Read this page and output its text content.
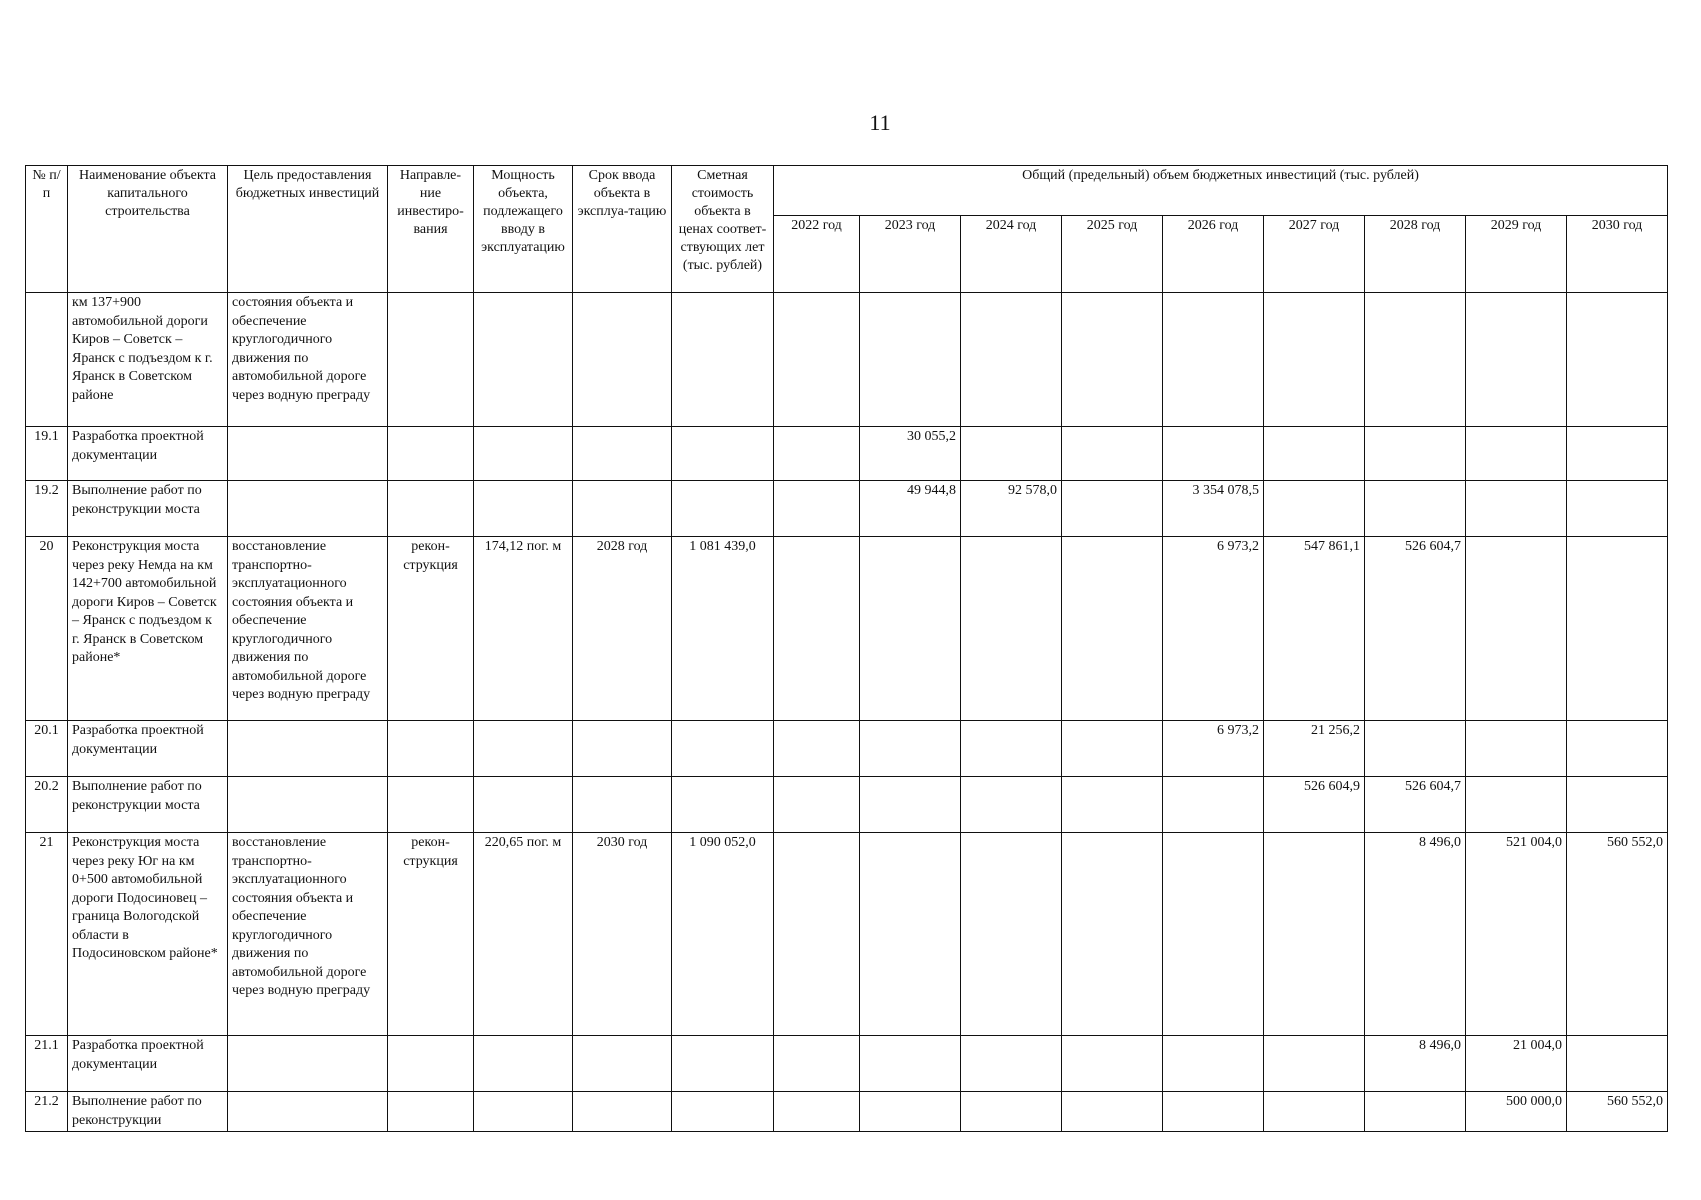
11
№ п/п	Наименование объекта капитального строительства	Цель предоставления бюджетных инвестиций	Направле-ние инвестиро-вания	Мощность объекта, подлежащего вводу в эксплуатацию	Срок ввода объекта в эксплуа-тацию	Сметная стоимость объекта в ценах соответ-ствующих лет (тыс. рублей)	Общий (предельный) объем бюджетных инвестиций (тыс. рублей)								
							2022 год	2023 год	2024 год	2025 год	2026 год	2027 год	2028 год	2029 год	2030 год
	км 137+900 автомобильной дороги Киров – Советск – Яранск с подъездом к г. Яранск в Советском районе	состояния объекта и обеспечение круглогодичного движения по автомобильной дороге через водную преграду													
19.1	Разработка проектной документации							30 055,2							
19.2	Выполнение работ по реконструкции моста							49 944,8	92 578,0		3 354 078,5				
20	Реконструкция моста через реку Немда на км 142+700 автомобильной дороги Киров – Советск – Яранск с подъездом к г. Яранск в Советском районе*	восстановление транспортно-эксплуатационного состояния объекта и обеспечение круглогодичного движения по автомобильной дороге через водную преграду	рекон-струкция	174,12 пог. м	2028 год	1 081 439,0					6 973,2	547 861,1	526 604,7		
20.1	Разработка проектной документации										6 973,2	21 256,2			
20.2	Выполнение работ по реконструкции моста											526 604,9	526 604,7		
21	Реконструкция моста через реку Юг на км 0+500 автомобильной дороги Подосиновец – граница Вологодской области в Подосиновском районе*	восстановление транспортно-эксплуатационного состояния объекта и обеспечение круглогодичного движения по автомобильной дороге через водную преграду	рекон-струкция	220,65 пог. м	2030 год	1 090 052,0							8 496,0	521 004,0	560 552,0
21.1	Разработка проектной документации												8 496,0	21 004,0	
21.2	Выполнение работ по реконструкции													500 000,0	560 552,0
